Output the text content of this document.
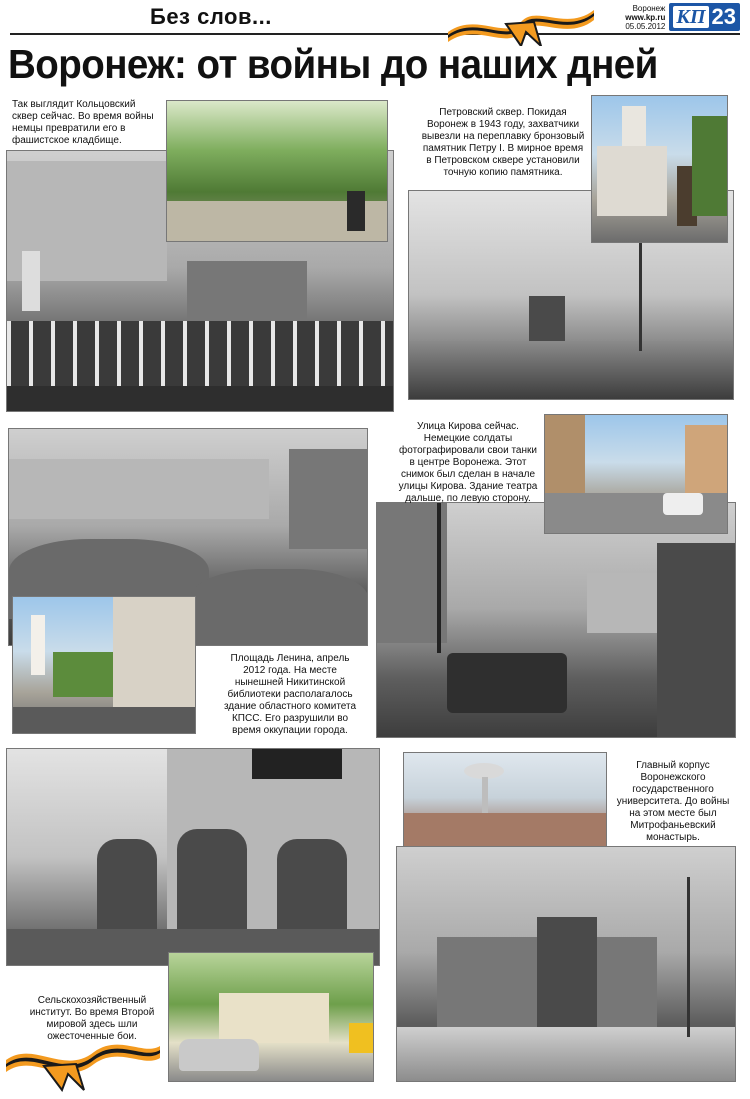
Без слов...	Воронеж
www.kp.ru
05.05.2012 КП 23
Воронеж: от войны до наших дней
Так выглядит Кольцовский сквер сейчас. Во время войны немцы превратили его в фашистское кладбище.
Петровский сквер. Покидая Воронеж в 1943 году, захватчики вывезли на переплавку бронзовый памятник Петру I. В мирное время в Петровском сквере установили точную копию памятника.
Площадь Ленина, апрель 2012 года. На месте нынешней Никитинской библиотеки располагалось здание областного комитета КПСС. Его разрушили во время оккупации города.
Улица Кирова сейчас. Немецкие солдаты фотографировали свои танки в центре Воронежа. Этот снимок был сделан в начале улицы Кирова. Здание театра дальше, по левую сторону.
Сельскохозяйственный институт. Во время Второй мировой здесь шли ожесточенные бои.
Главный корпус Воронежского государственного университета. До войны на этом месте был Митрофаньевский монастырь.
